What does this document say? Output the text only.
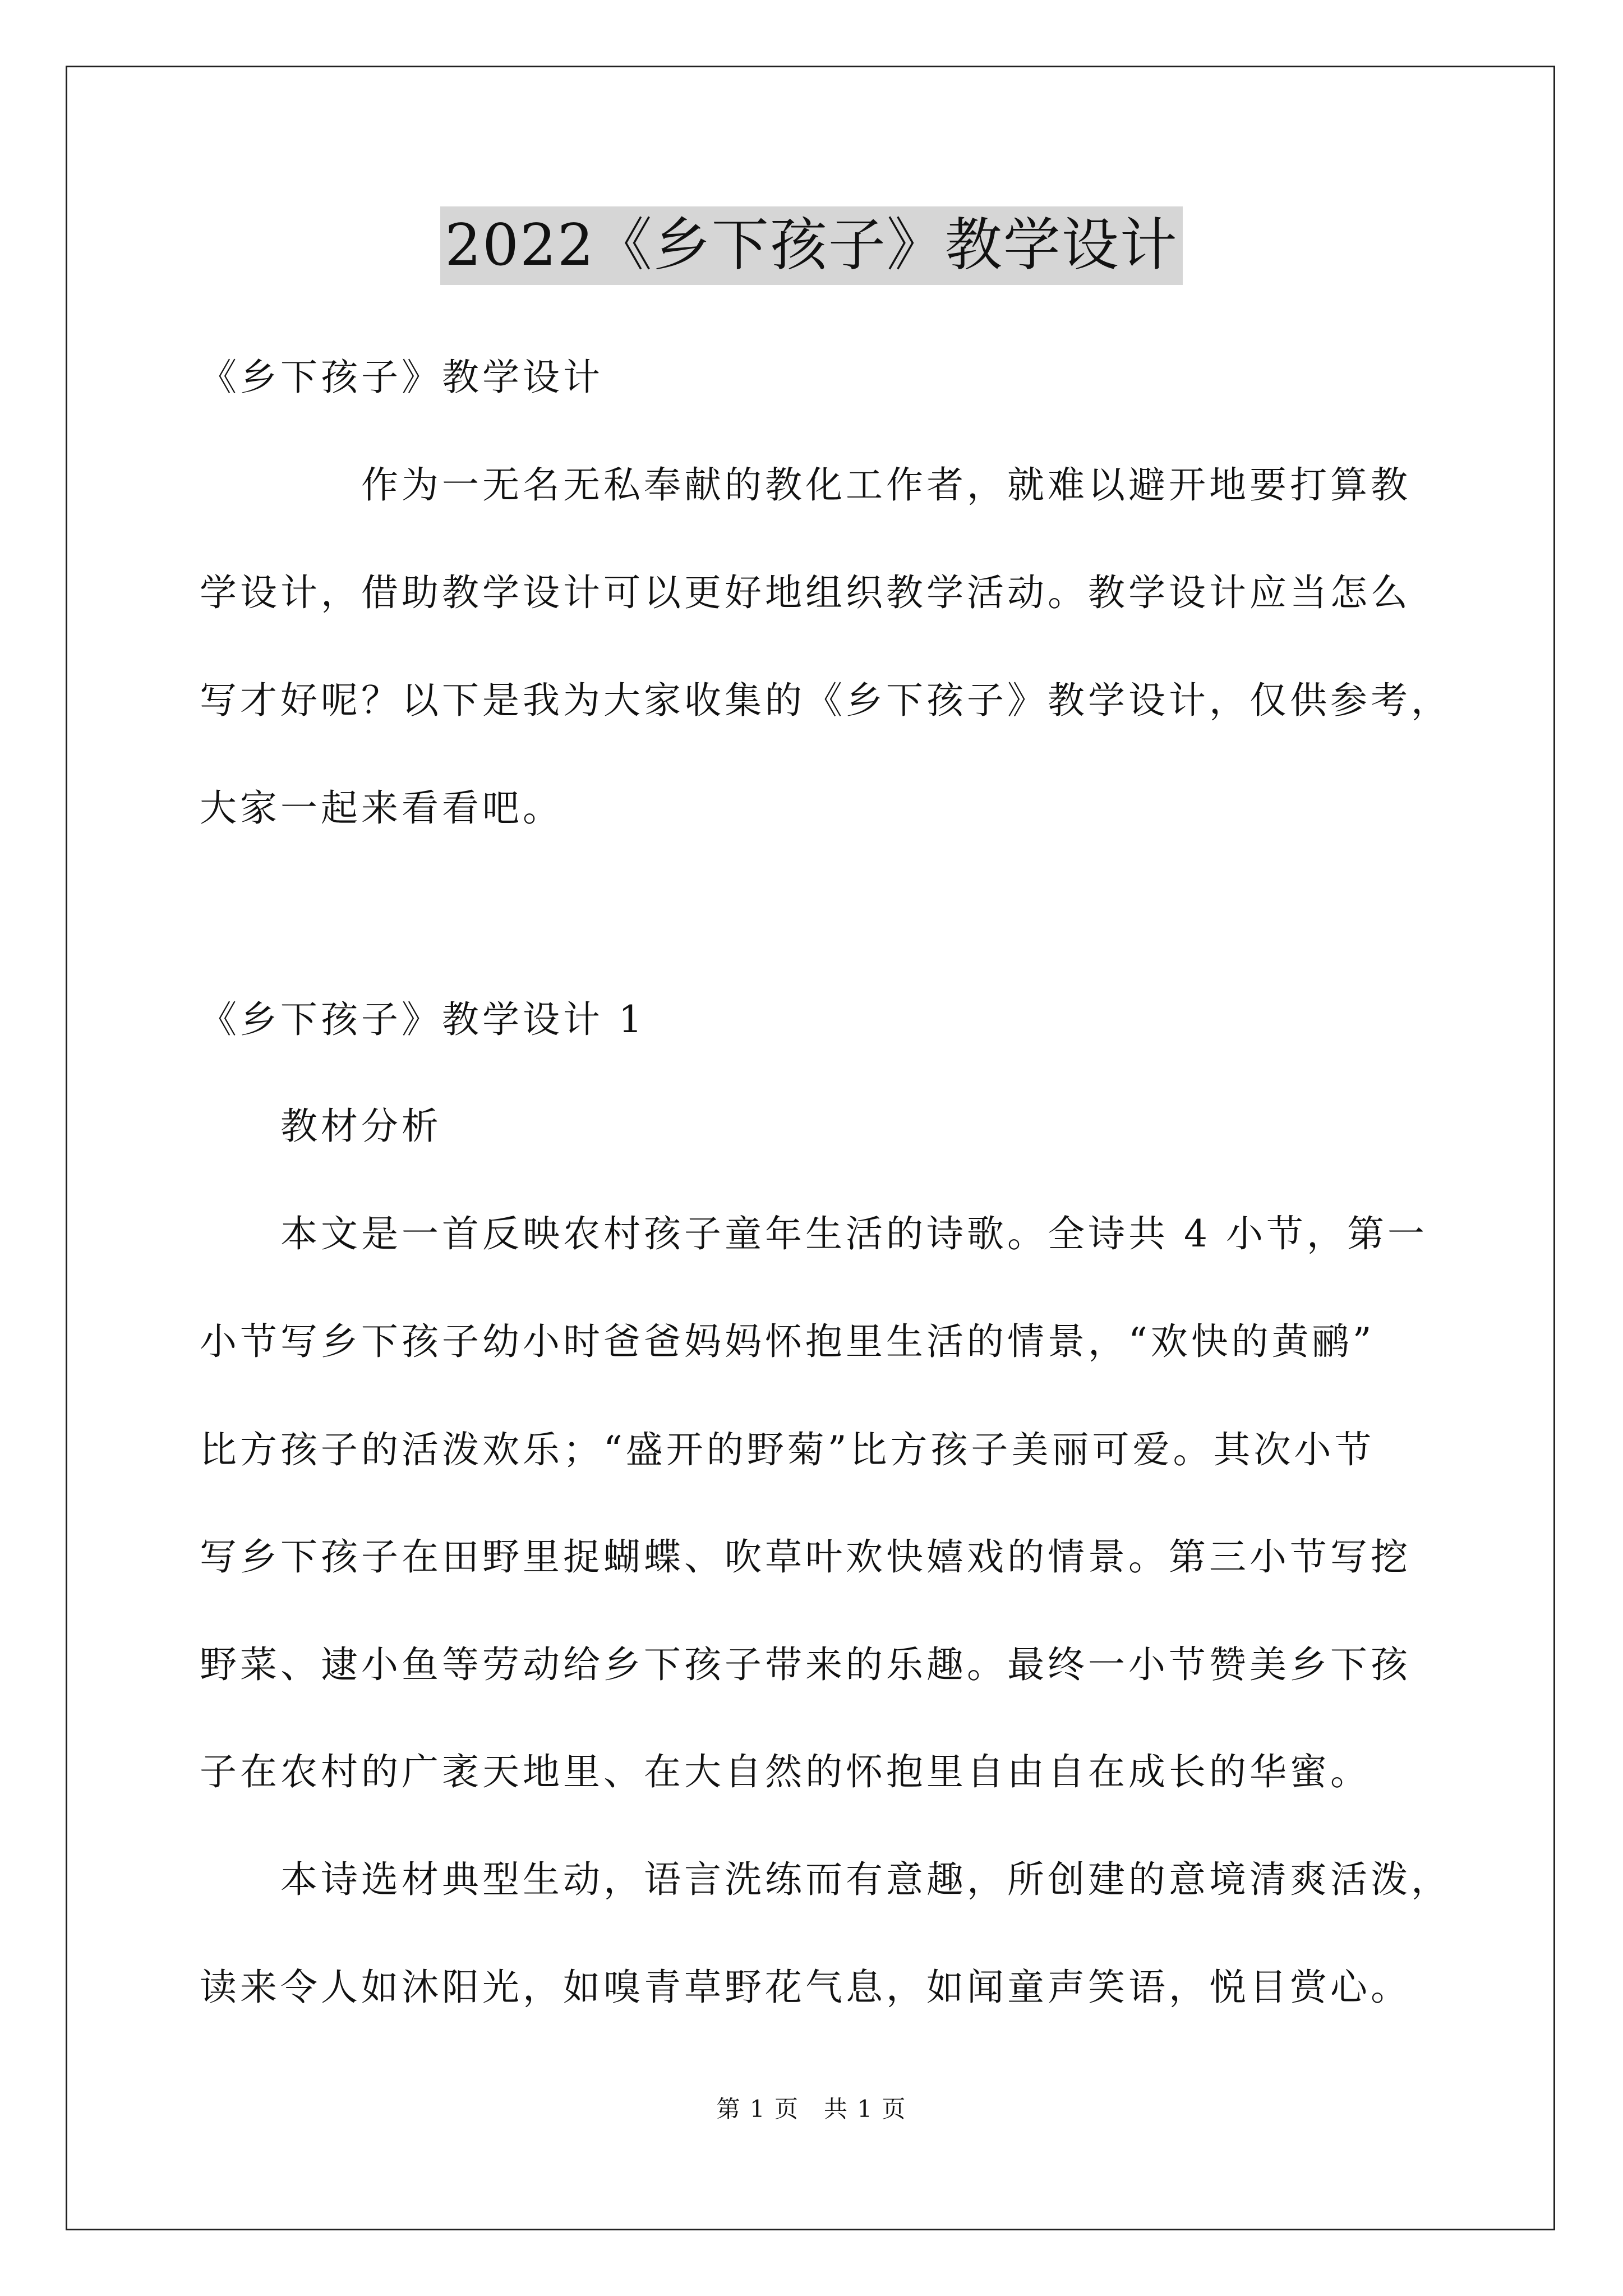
2022《乡下孩子》教学设计
《乡下孩子》教学设计
作为一无名无私奉献的教化工作者，就难以避开地要打算教
学设计，借助教学设计可以更好地组织教学活动。教学设计应当怎么
写才好呢？以下是我为大家收集的《乡下孩子》教学设计，仅供参考，
大家一起来看看吧。
《乡下孩子》教学设计 1
教材分析
本文是一首反映农村孩子童年生活的诗歌。全诗共 4 小节，第一
小节写乡下孩子幼小时爸爸妈妈怀抱里生活的情景，“欢快的黄鹂”
比方孩子的活泼欢乐；“盛开的野菊”比方孩子美丽可爱。其次小节
写乡下孩子在田野里捉蝴蝶、吹草叶欢快嬉戏的情景。第三小节写挖
野菜、逮小鱼等劳动给乡下孩子带来的乐趣。最终一小节赞美乡下孩
子在农村的广袤天地里、在大自然的怀抱里自由自在成长的华蜜。
本诗选材典型生动，语言洗练而有意趣，所创建的意境清爽活泼，
读来令人如沐阳光，如嗅青草野花气息，如闻童声笑语，悦目赏心。
第 1 页　共 1 页
